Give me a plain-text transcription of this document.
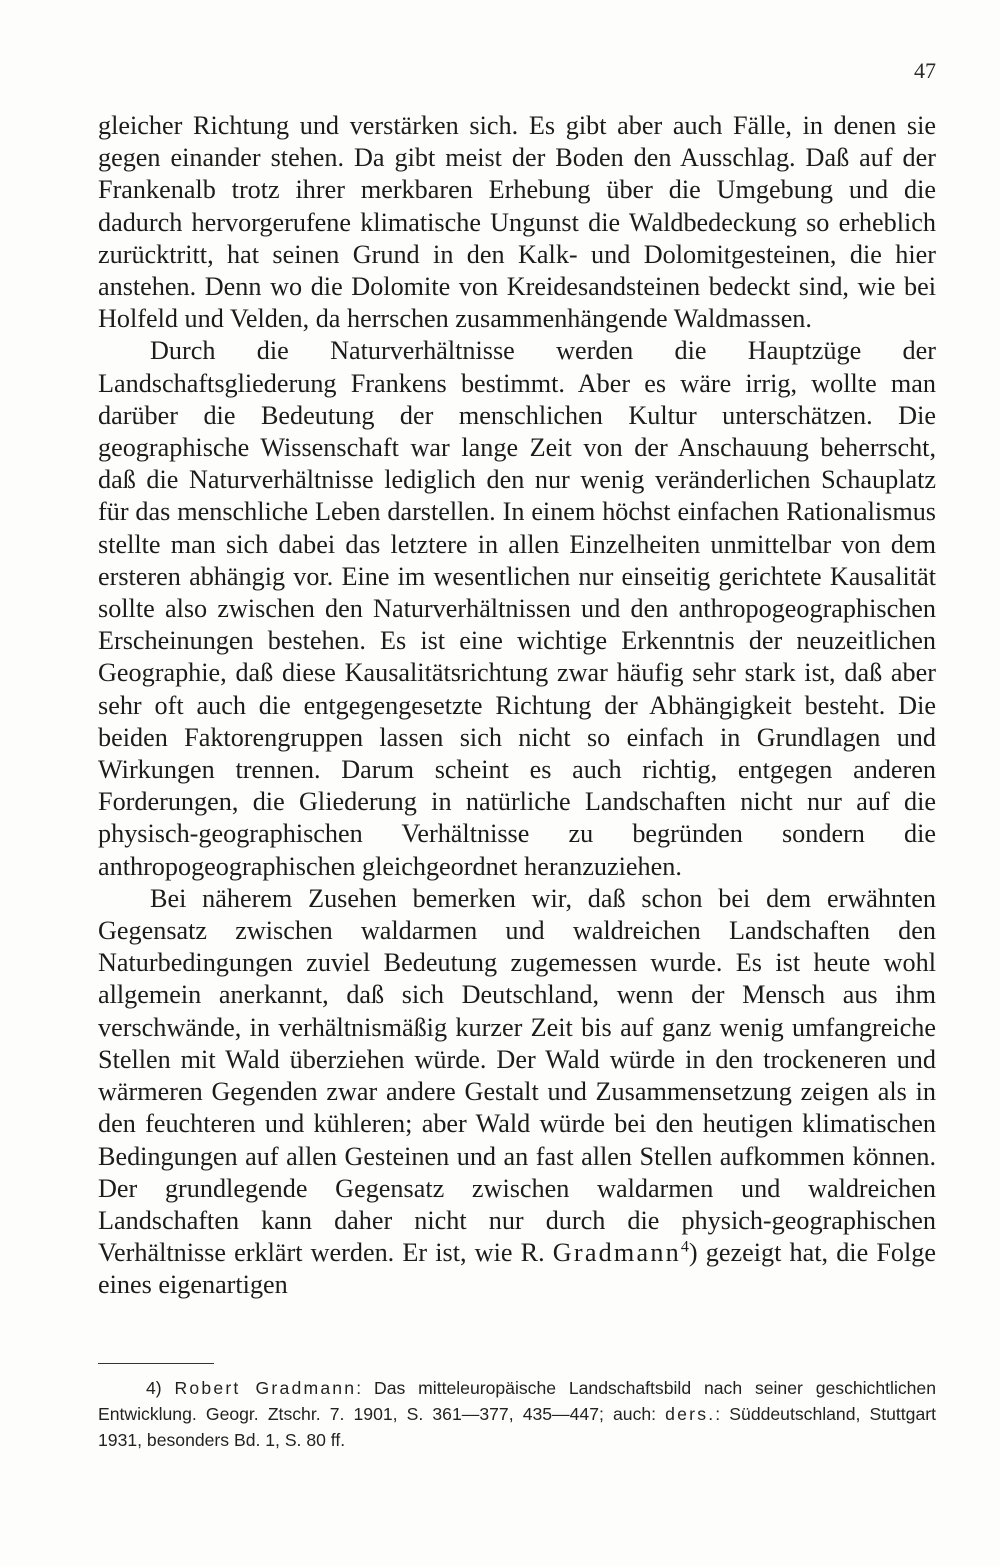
47

gleicher Richtung und verstärken sich. Es gibt aber auch Fälle, in denen sie gegen einander stehen. Da gibt meist der Boden den Ausschlag. Daß auf der Frankenalb trotz ihrer merkbaren Erhebung über die Umgebung und die dadurch hervorgerufene klimatische Ungunst die Waldbedeckung so erheblich zurücktritt, hat seinen Grund in den Kalk- und Dolomitgesteinen, die hier anstehen. Denn wo die Dolomite von Kreidesandsteinen bedeckt sind, wie bei Holfeld und Velden, da herrschen zusammenhängende Waldmassen.

Durch die Naturverhältnisse werden die Hauptzüge der Landschaftsgliederung Frankens bestimmt. Aber es wäre irrig, wollte man darüber die Bedeutung der menschlichen Kultur unterschätzen. Die geographische Wissenschaft war lange Zeit von der Anschauung beherrscht, daß die Naturverhältnisse lediglich den nur wenig veränderlichen Schauplatz für das menschliche Leben darstellen. In einem höchst einfachen Rationalismus stellte man sich dabei das letztere in allen Einzelheiten unmittelbar von dem ersteren abhängig vor. Eine im wesentlichen nur einseitig gerichtete Kausalität sollte also zwischen den Naturverhältnissen und den anthropogeographischen Erscheinungen bestehen. Es ist eine wichtige Erkenntnis der neuzeitlichen Geographie, daß diese Kausalitätsrichtung zwar häufig sehr stark ist, daß aber sehr oft auch die entgegengesetzte Richtung der Abhängigkeit besteht. Die beiden Faktorengruppen lassen sich nicht so einfach in Grundlagen und Wirkungen trennen. Darum scheint es auch richtig, entgegen anderen Forderungen, die Gliederung in natürliche Landschaften nicht nur auf die physisch-geographischen Verhältnisse zu begründen sondern die anthropogeographischen gleichgeordnet heranzuziehen.

Bei näherem Zusehen bemerken wir, daß schon bei dem erwähnten Gegensatz zwischen waldarmen und waldreichen Landschaften den Naturbedingungen zuviel Bedeutung zugemessen wurde. Es ist heute wohl allgemein anerkannt, daß sich Deutschland, wenn der Mensch aus ihm verschwände, in verhältnismäßig kurzer Zeit bis auf ganz wenig umfangreiche Stellen mit Wald überziehen würde. Der Wald würde in den trockeneren und wärmeren Gegenden zwar andere Gestalt und Zusammensetzung zeigen als in den feuchteren und kühleren; aber Wald würde bei den heutigen klimatischen Bedingungen auf allen Gesteinen und an fast allen Stellen aufkommen können. Der grundlegende Gegensatz zwischen waldarmen und waldreichen Landschaften kann daher nicht nur durch die physich-geographischen Verhältnisse erklärt werden. Er ist, wie R. Gradmann$^4$) gezeigt hat, die Folge eines eigenartigen

4) Robert Gradmann: Das mitteleuropäische Landschaftsbild nach seiner geschichtlichen Entwicklung. Geogr. Ztschr. 7. 1901, S. 361—377, 435—447; auch: ders.: Süddeutschland, Stuttgart 1931, besonders Bd. 1, S. 80 ff.
